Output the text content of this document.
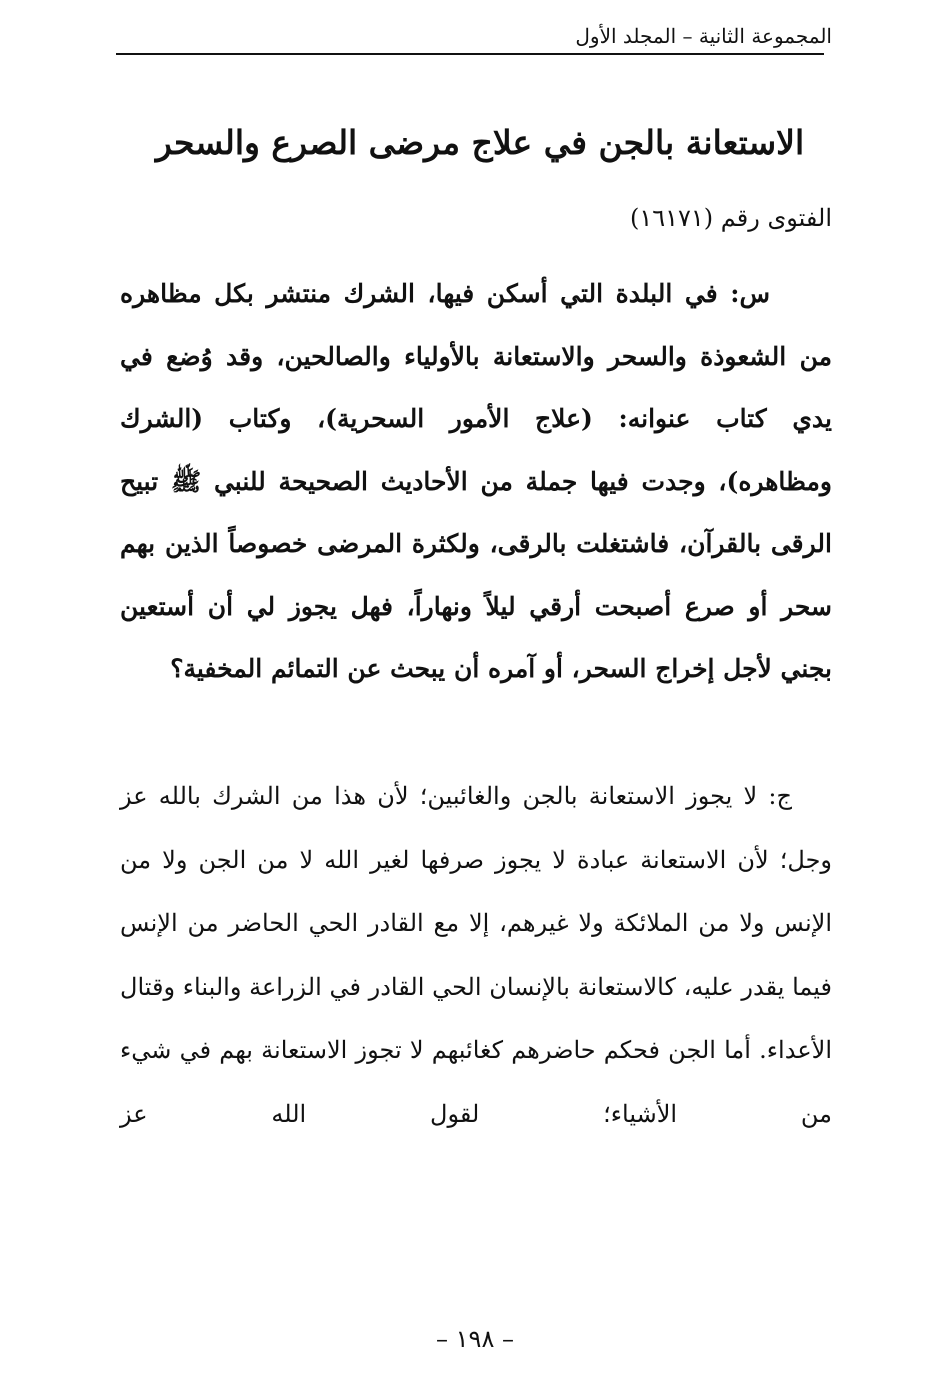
المجموعة الثانية – المجلد الأول
الاستعانة بالجن في علاج مرضى الصرع والسحر
الفتوى رقم (١٦١٧١)

س: في البلدة التي أسكن فيها، الشرك منتشر بكل مظاهره من الشعوذة والسحر والاستعانة بالأولياء والصالحين، وقد وُضع في يدي كتاب عنوانه: (علاج الأمور السحرية)، وكتاب (الشرك ومظاهره)، وجدت فيها جملة من الأحاديث الصحيحة للنبي ﷺ تبيح الرقى بالقرآن، فاشتغلت بالرقى، ولكثرة المرضى خصوصاً الذين بهم سحر أو صرع أصبحت أرقي ليلاً ونهاراً، فهل يجوز لي أن أستعين بجني لأجل إخراج السحر، أو آمره أن يبحث عن التمائم المخفية؟

ج: لا يجوز الاستعانة بالجن والغائبين؛ لأن هذا من الشرك بالله عز وجل؛ لأن الاستعانة عبادة لا يجوز صرفها لغير الله لا من الجن ولا من الإنس ولا من الملائكة ولا غيرهم، إلا مع القادر الحي الحاضر من الإنس فيما يقدر عليه، كالاستعانة بالإنسان الحي القادر في الزراعة والبناء وقتال الأعداء. أما الجن فحكم حاضرهم كغائبهم لا تجوز الاستعانة بهم في شيء من الأشياء؛ لقول الله عز

– ١٩٨ –
